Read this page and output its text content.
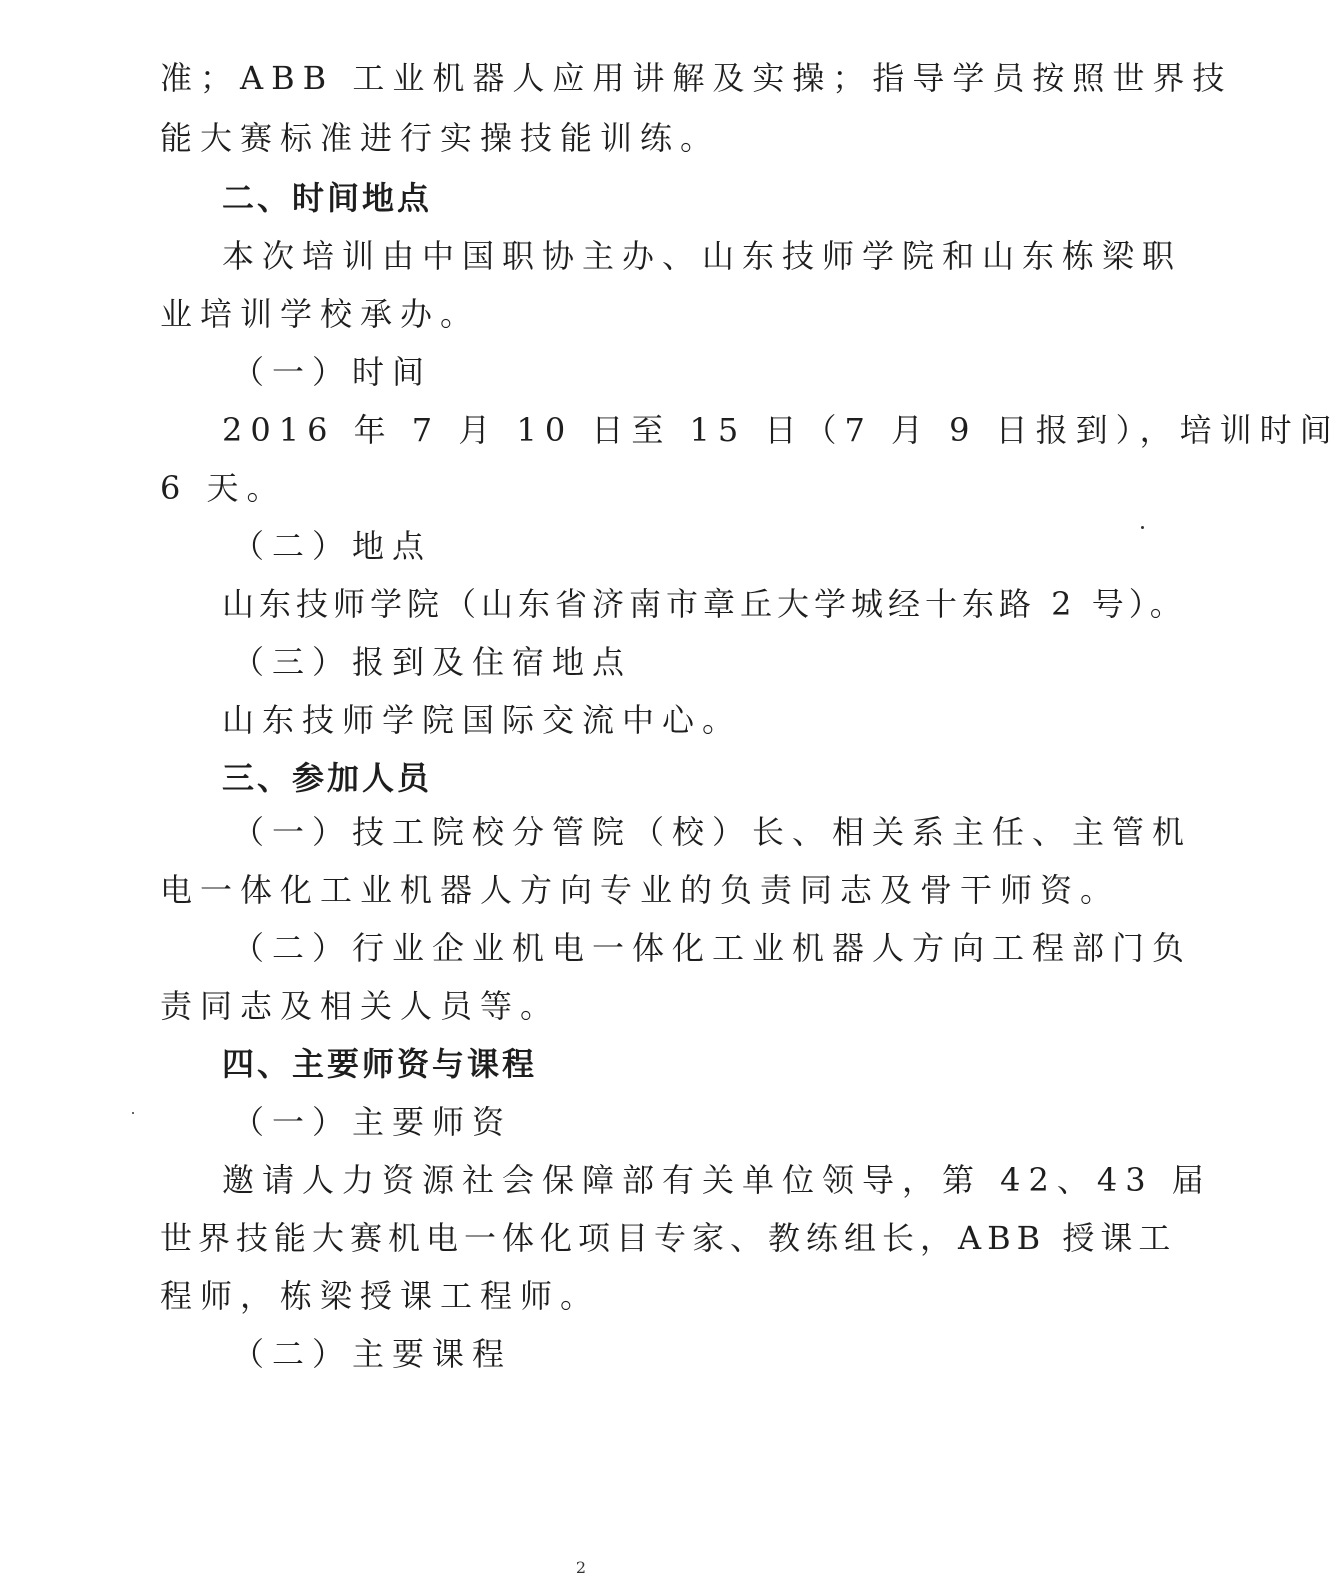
准；ABB 工业机器人应用讲解及实操；指导学员按照世界技
能大赛标准进行实操技能训练。
二、时间地点
本次培训由中国职协主办、山东技师学院和山东栋梁职
业培训学校承办。
（一）时间
2016 年 7 月 10 日至 15 日（7 月 9 日报到），培训时间
6 天。
（二）地点
山东技师学院（山东省济南市章丘大学城经十东路 2 号）。
（三）报到及住宿地点
山东技师学院国际交流中心。
三、参加人员
（一）技工院校分管院（校）长、相关系主任、主管机
电一体化工业机器人方向专业的负责同志及骨干师资。
（二）行业企业机电一体化工业机器人方向工程部门负
责同志及相关人员等。
四、主要师资与课程
（一）主要师资
邀请人力资源社会保障部有关单位领导，第 42、43 届
世界技能大赛机电一体化项目专家、教练组长，ABB 授课工
程师，栋梁授课工程师。
（二）主要课程
2
